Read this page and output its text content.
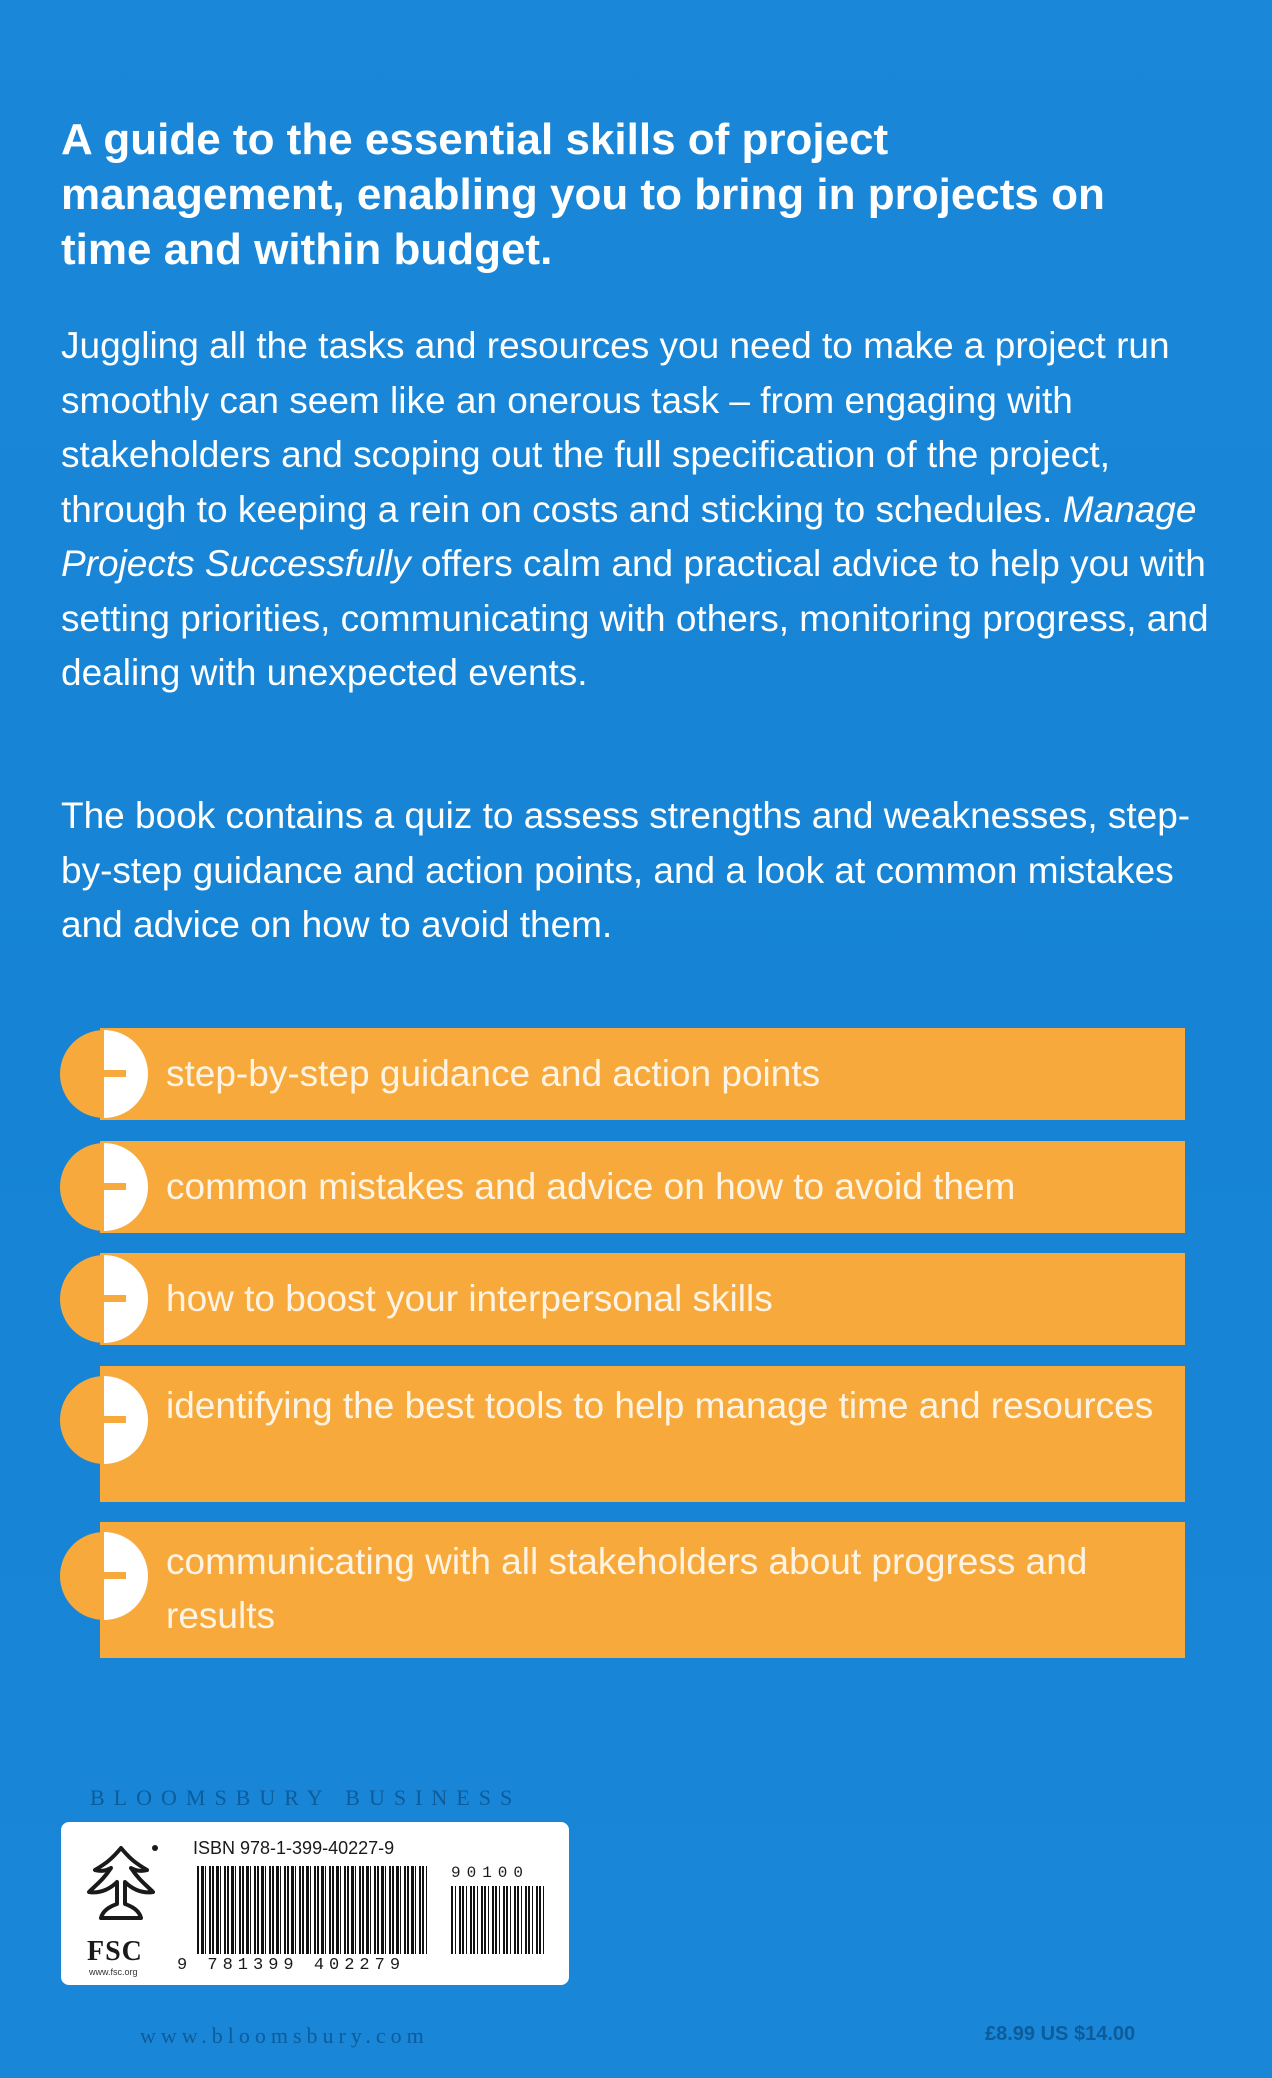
A guide to the essential skills of project management, enabling you to bring in projects on time and within budget.

Juggling all the tasks and resources you need to make a project run smoothly can seem like an onerous task – from engaging with stakeholders and scoping out the full specification of the project, through to keeping a rein on costs and sticking to schedules. Manage Projects Successfully offers calm and practical advice to help you with setting priorities, communicating with others, monitoring progress, and dealing with unexpected events.

The book contains a quiz to assess strengths and weaknesses, step-by-step guidance and action points, and a look at common mistakes and advice on how to avoid them.

step-by-step guidance and action points
common mistakes and advice on how to avoid them
how to boost your interpersonal skills
identifying the best tools to help manage time and resources
communicating with all stakeholders about progress and results

BLOOMSBURY BUSINESS

FSC
www.fsc.org
ISBN 978-1-399-40227-9
90100
9 781399 402279

www.bloomsbury.com	£8.99 US $14.00
